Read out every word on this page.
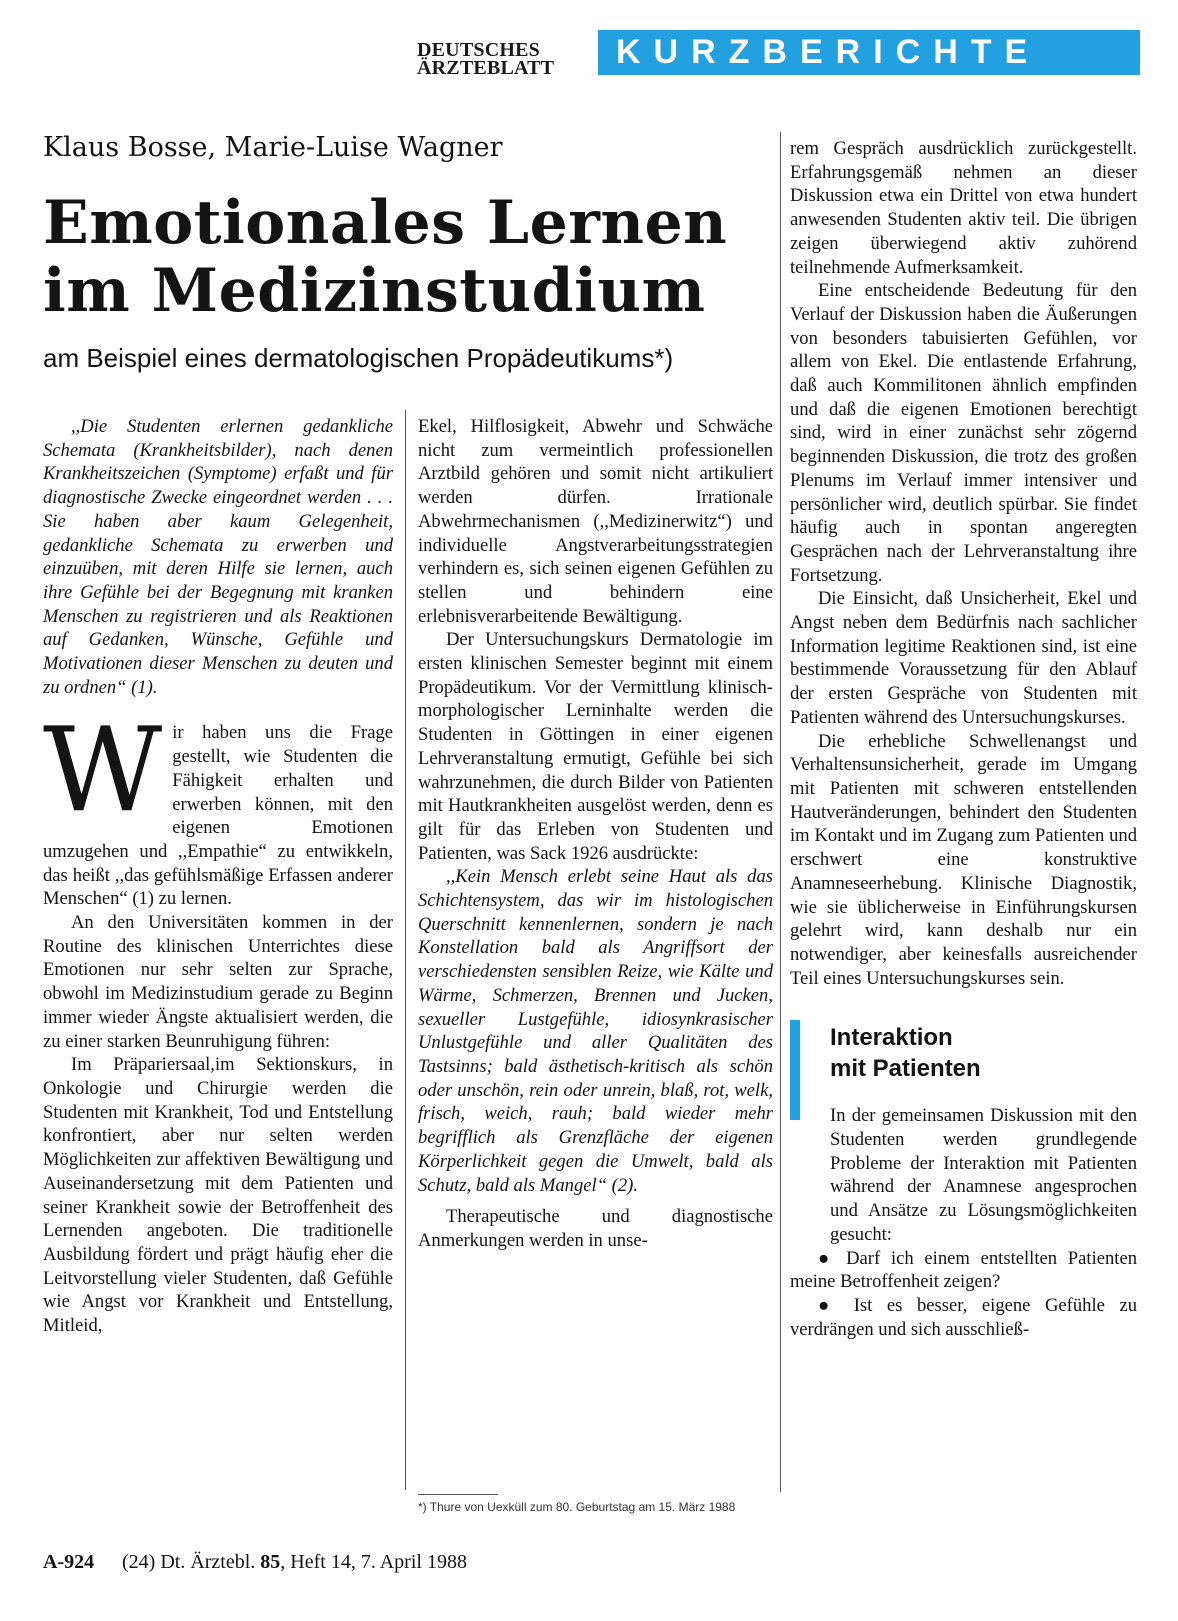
DEUTSCHES
ÄRZTEBLATT	KURZBERICHTE
Klaus Bosse, Marie-Luise Wagner
Emotionales Lernen
im Medizinstudium
am Beispiel eines dermatologischen Propädeutikums*)

,,Die Studenten erlernen gedankliche Schemata (Krankheitsbilder), nach denen Krankheitszeichen (Symptome) erfaßt und für diagnostische Zwecke eingeordnet werden . . . Sie haben aber kaum Gelegenheit, gedankliche Schemata zu erwerben und einzuüben, mit deren Hilfe sie lernen, auch ihre Gefühle bei der Begegnung mit kranken Menschen zu registrieren und als Reaktionen auf Gedanken, Wünsche, Gefühle und Motivationen dieser Menschen zu deuten und zu ordnen“ (1).

Wir haben uns die Frage gestellt, wie Studenten die Fähigkeit erhalten und erwerben können, mit den eigenen Emotionen umzugehen und ,,Empathie“ zu entwikkeln, das heißt ,,das gefühlsmäßige Erfassen anderer Menschen“ (1) zu lernen.

An den Universitäten kommen in der Routine des klinischen Unterrichtes diese Emotionen nur sehr selten zur Sprache, obwohl im Medizinstudium gerade zu Beginn immer wieder Ängste aktualisiert werden, die zu einer starken Beunruhigung führen:

Im Präpariersaal,im Sektionskurs, in Onkologie und Chirurgie werden die Studenten mit Krankheit, Tod und Entstellung konfrontiert, aber nur selten werden Möglichkeiten zur affektiven Bewältigung und Auseinandersetzung mit dem Patienten und seiner Krankheit sowie der Betroffenheit des Lernenden angeboten. Die traditionelle Ausbildung fördert und prägt häufig eher die Leitvorstellung vieler Studenten, daß Gefühle wie Angst vor Krankheit und Entstellung, Mitleid,

Ekel, Hilflosigkeit, Abwehr und Schwäche nicht zum vermeintlich professionellen Arztbild gehören und somit nicht artikuliert werden dürfen. Irrationale Abwehrmechanismen (,,Medizinerwitz“) und individuelle Angstverarbeitungsstrategien verhindern es, sich seinen eigenen Gefühlen zu stellen und behindern eine erlebnisverarbeitende Bewältigung.

Der Untersuchungskurs Dermatologie im ersten klinischen Semester beginnt mit einem Propädeutikum. Vor der Vermittlung klinisch-morphologischer Lerninhalte werden die Studenten in Göttingen in einer eigenen Lehrveranstaltung ermutigt, Gefühle bei sich wahrzunehmen, die durch Bilder von Patienten mit Hautkrankheiten ausgelöst werden, denn es gilt für das Erleben von Studenten und Patienten, was Sack 1926 ausdrückte:

,,Kein Mensch erlebt seine Haut als das Schichtensystem, das wir im histologischen Querschnitt kennenlernen, sondern je nach Konstellation bald als Angriffsort der verschiedensten sensiblen Reize, wie Kälte und Wärme, Schmerzen, Brennen und Jucken, sexueller Lustgefühle, idiosynkrasischer Unlustgefühle und aller Qualitäten des Tastsinns; bald ästhetisch-kritisch als schön oder unschön, rein oder unrein, blaß, rot, welk, frisch, weich, rauh; bald wieder mehr begrifflich als Grenzfläche der eigenen Körperlichkeit gegen die Umwelt, bald als Schutz, bald als Mangel“ (2).

Therapeutische und diagnostische Anmerkungen werden in unse-

*) Thure von Uexküll zum 80. Geburtstag am 15. März 1988

rem Gespräch ausdrücklich zurückgestellt. Erfahrungsgemäß nehmen an dieser Diskussion etwa ein Drittel von etwa hundert anwesenden Studenten aktiv teil. Die übrigen zeigen überwiegend aktiv zuhörend teilnehmende Aufmerksamkeit.

Eine entscheidende Bedeutung für den Verlauf der Diskussion haben die Äußerungen von besonders tabuisierten Gefühlen, vor allem von Ekel. Die entlastende Erfahrung, daß auch Kommilitonen ähnlich empfinden und daß die eigenen Emotionen berechtigt sind, wird in einer zunächst sehr zögernd beginnenden Diskussion, die trotz des großen Plenums im Verlauf immer intensiver und persönlicher wird, deutlich spürbar. Sie findet häufig auch in spontan angeregten Gesprächen nach der Lehrveranstaltung ihre Fortsetzung.

Die Einsicht, daß Unsicherheit, Ekel und Angst neben dem Bedürfnis nach sachlicher Information legitime Reaktionen sind, ist eine bestimmende Voraussetzung für den Ablauf der ersten Gespräche von Studenten mit Patienten während des Untersuchungskurses.

Die erhebliche Schwellenangst und Verhaltensunsicherheit, gerade im Umgang mit Patienten mit schweren entstellenden Hautveränderungen, behindert den Studenten im Kontakt und im Zugang zum Patienten und erschwert eine konstruktive Anamneseerhebung. Klinische Diagnostik, wie sie üblicherweise in Einführungskursen gelehrt wird, kann deshalb nur ein notwendiger, aber keinesfalls ausreichender Teil eines Untersuchungskurses sein.

Interaktion
mit Patienten

In der gemeinsamen Diskussion mit den Studenten werden grundlegende Probleme der Interaktion mit Patienten während der Anamnese angesprochen und Ansätze zu Lösungsmöglichkeiten gesucht:

● Darf ich einem entstellten Patienten meine Betroffenheit zeigen?

● Ist es besser, eigene Gefühle zu verdrängen und sich ausschließ-

A-924 (24) Dt. Ärztebl. 85, Heft 14, 7. April 1988
